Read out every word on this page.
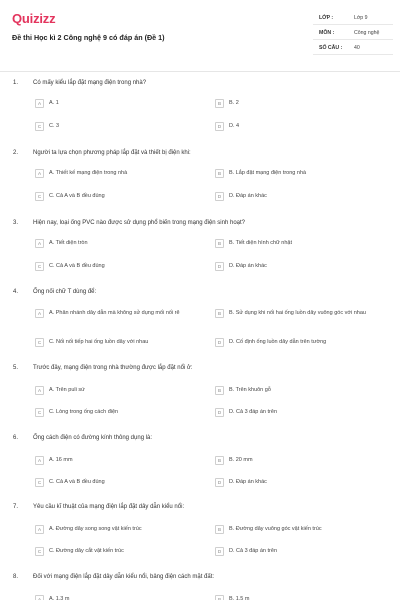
Quizizz
Đề thi Học kì 2 Công nghệ 9 có đáp án (Đề 1)
LỚP :	Lớp 9
MÔN :	Công nghệ
SỐ CÂU : 40
1. Có mấy kiểu lắp đặt mạng điện trong nhà?
A	A. 1	B	B. 2
C	C. 3	D	D. 4
2. Người ta lựa chọn phương pháp lắp đặt và thiết bị điện khi:
A	A. Thiết kế mạng điện trong nhà	B	B. Lắp đặt mạng điện trong nhà
C	C. Cả A và B đều đúng	D	D. Đáp án khác
3. Hiện nay, loại ống PVC nào được sử dụng phổ biến trong mạng điện sinh hoạt?
A	A. Tiết diện tròn	B	B. Tiết diện hình chữ nhật
C	C. Cả A và B đều đúng	D	D. Đáp án khác
4. Ống nối chữ T dùng để:
A	A. Phân nhánh dây dẫn mà không sử dụng mối nối rẽ	B	B. Sử dụng khi nối hai ống luồn dây vuông góc với nhau
C	C. Nối nối tiếp hai ống luồn dây với nhau	D	D. Cố định ống luồn dây dẫn trên tường
5. Trước đây, mạng điện trong nhà thường được lắp đặt nổi ở:
A	A. Trên puli sứ	B	B. Trên khuôn gỗ
C	C. Lòng trong ống cách điện	D	D. Cả 3 đáp án trên
6. Ống cách điện có đường kính thông dụng là:
A	A. 16 mm	B	B. 20 mm
C	C. Cả A và B đều đúng	D	D. Đáp án khác
7. Yêu cầu kĩ thuật của mạng điện lắp đặt dây dẫn kiểu nổi:
A	A. Đường dây song song vật kiến trúc	B	B. Đường dây vuông góc vật kiến trúc
C	C. Đường dây cắt vật kiến trúc	D	D. Cả 3 đáp án trên
8. Đối với mạng điện lắp đặt dây dẫn kiểu nổi, bảng điện cách mặt đất:
A	A. 1,3 m	B	B. 1,5 m
